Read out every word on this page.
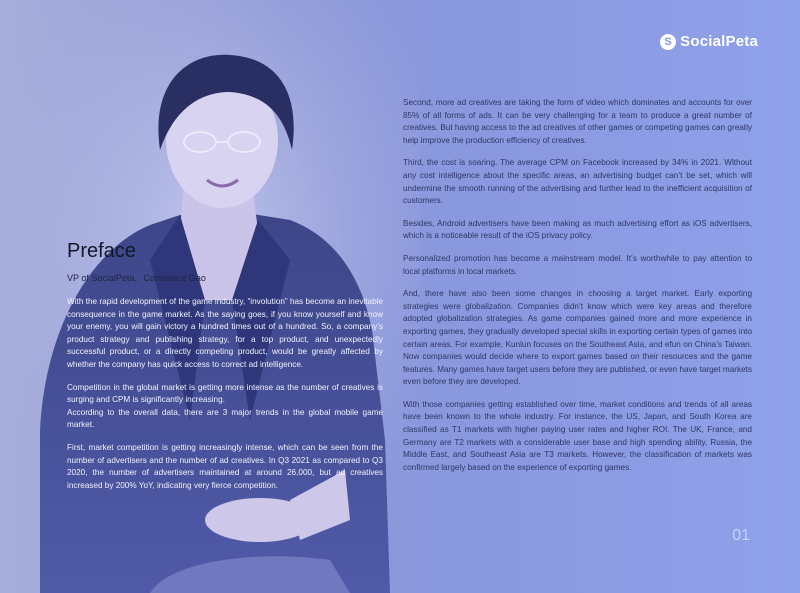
S SocialPeta
Preface

VP of SocialPeta，Constance Gao

With the rapid development of the game industry, “involution” has become an inevitable consequence in the game market. As the saying goes, if you know yourself and know your enemy, you will gain victory a hundred times out of a hundred. So, a company’s product strategy and publishing strategy, for a top product, and unexpectedly successful product, or a directly competing product, would be greatly affected by whether the company has quick access to correct ad intelligence.

Competition in the global market is getting more intense as the number of creatives is surging and CPM is significantly increasing.

According to the overall data, there are 3 major trends in the global mobile game market.

First, market competition is getting increasingly intense, which can be seen from the number of advertisers and the number of ad creatives. In Q3 2021 as compared to Q3 2020, the number of advertisers maintained at around 26,000, but ad creatives increased by 200% YoY, indicating very fierce competition.

Second, more ad creatives are taking the form of video which dominates and accounts for over 85% of all forms of ads. It can be very challenging for a team to produce a great number of creatives. But having access to the ad creatives of other games or competing games can greatly help improve the production efficiency of creatives.

Third, the cost is soaring. The average CPM on Facebook increased by 34% in 2021. Without any cost intelligence about the specific areas, an advertising budget can’t be set, which will undermine the smooth running of the advertising and further lead to the inefficient acquisition of customers.

Besides, Android advertisers have been making as much advertising effort as iOS advertisers, which is a noticeable result of the iOS privacy policy.

Personalized promotion has become a mainstream model. It’s worthwhile to pay attention to local platforms in local markets.

And, there have also been some changes in choosing a target market. Early exporting strategies were globalization. Companies didn’t know which were key areas and therefore adopted globalization strategies. As game companies gained more and more experience in exporting games, they gradually developed special skills in exporting certain types of games into certain areas. For example, Kunlun focuses on the Southeast Asia, and efun on China’s Taiwan. Now companies would decide where to export games based on their resources and the game features. Many games have target users before they are published, or even have target markets even before they are developed.

With those companies getting established over time, market conditions and trends of all areas have been known to the whole industry. For instance, the US, Japan, and South Korea are classified as T1 markets with higher paying user rates and higher ROI. The UK, France, and Germany are T2 markets with a considerable user base and high spending ability. Russia, the Middle East, and Southeast Asia are T3 markets. However, the classification of markets was confirmed largely based on the experience of exporting games.

01
